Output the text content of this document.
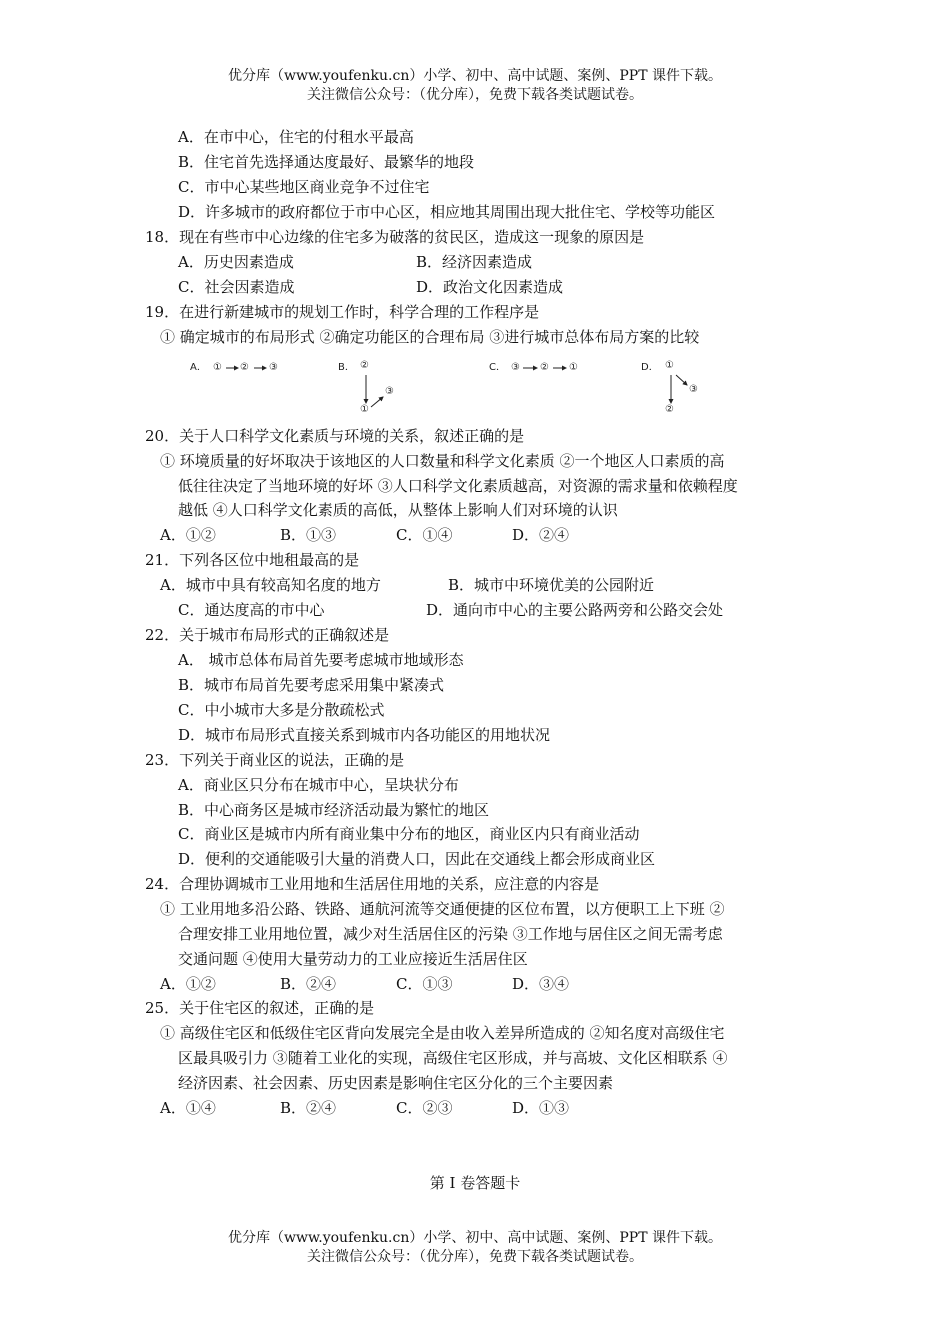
优分库（www.youfenku.cn）小学、初中、高中试题、案例、PPT 课件下载。
关注微信公众号：（优分库），免费下载各类试题试卷。
A．在市中心，住宅的付租水平最高
B．住宅首先选择通达度最好、最繁华的地段
C．市中心某些地区商业竞争不过住宅
D．许多城市的政府都位于市中心区，相应地其周围出现大批住宅、学校等功能区
18．现在有些市中心边缘的住宅多为破落的贫民区，造成这一现象的原因是
A．历史因素造成	B．经济因素造成
C．社会因素造成	D．政治文化因素造成
19．在进行新建城市的规划工作时，科学合理的工作程序是
① 确定城市的布局形式 ②确定功能区的合理布局 ③进行城市总体布局方案的比较
A． ① ② ③	B． ②
③
①
C． ③ ② ①	D． ①
③
②
20．关于人口科学文化素质与环境的关系，叙述正确的是
① 环境质量的好坏取决于该地区的人口数量和科学文化素质 ②一个地区人口素质的高
低往往决定了当地环境的好坏 ③人口科学文化素质越高，对资源的需求量和依赖程度
越低 ④人口科学文化素质的高低，从整体上影响人们对环境的认识
A．①②	B．①③	C．①④	D．②④
21．下列各区位中地租最高的是
A．城市中具有较高知名度的地方	B．城市中环境优美的公园附近
C．通达度高的市中心	D．通向市中心的主要公路两旁和公路交会处
22．关于城市布局形式的正确叙述是
A． 城市总体布局首先要考虑城市地域形态
B．城市布局首先要考虑采用集中紧凑式
C．中小城市大多是分散疏松式
D．城市布局形式直接关系到城市内各功能区的用地状况
23．下列关于商业区的说法，正确的是
A．商业区只分布在城市中心，呈块状分布
B．中心商务区是城市经济活动最为繁忙的地区
C．商业区是城市内所有商业集中分布的地区，商业区内只有商业活动
D．便利的交通能吸引大量的消费人口，因此在交通线上都会形成商业区
24．合理协调城市工业用地和生活居住用地的关系，应注意的内容是
① 工业用地多沿公路、铁路、通航河流等交通便捷的区位布置，以方便职工上下班 ②
合理安排工业用地位置，减少对生活居住区的污染 ③工作地与居住区之间无需考虑
交通问题 ④使用大量劳动力的工业应接近生活居住区
A．①②	B．②④	C．①③	D．③④
25．关于住宅区的叙述，正确的是
① 高级住宅区和低级住宅区背向发展完全是由收入差异所造成的 ②知名度对高级住宅
区最具吸引力 ③随着工业化的实现，高级住宅区形成，并与高坡、文化区相联系 ④
经济因素、社会因素、历史因素是影响住宅区分化的三个主要因素
A．①④	B．②④	C．②③	D．①③
第 I 卷答题卡
优分库（www.youfenku.cn）小学、初中、高中试题、案例、PPT 课件下载。
关注微信公众号：（优分库），免费下载各类试题试卷。
